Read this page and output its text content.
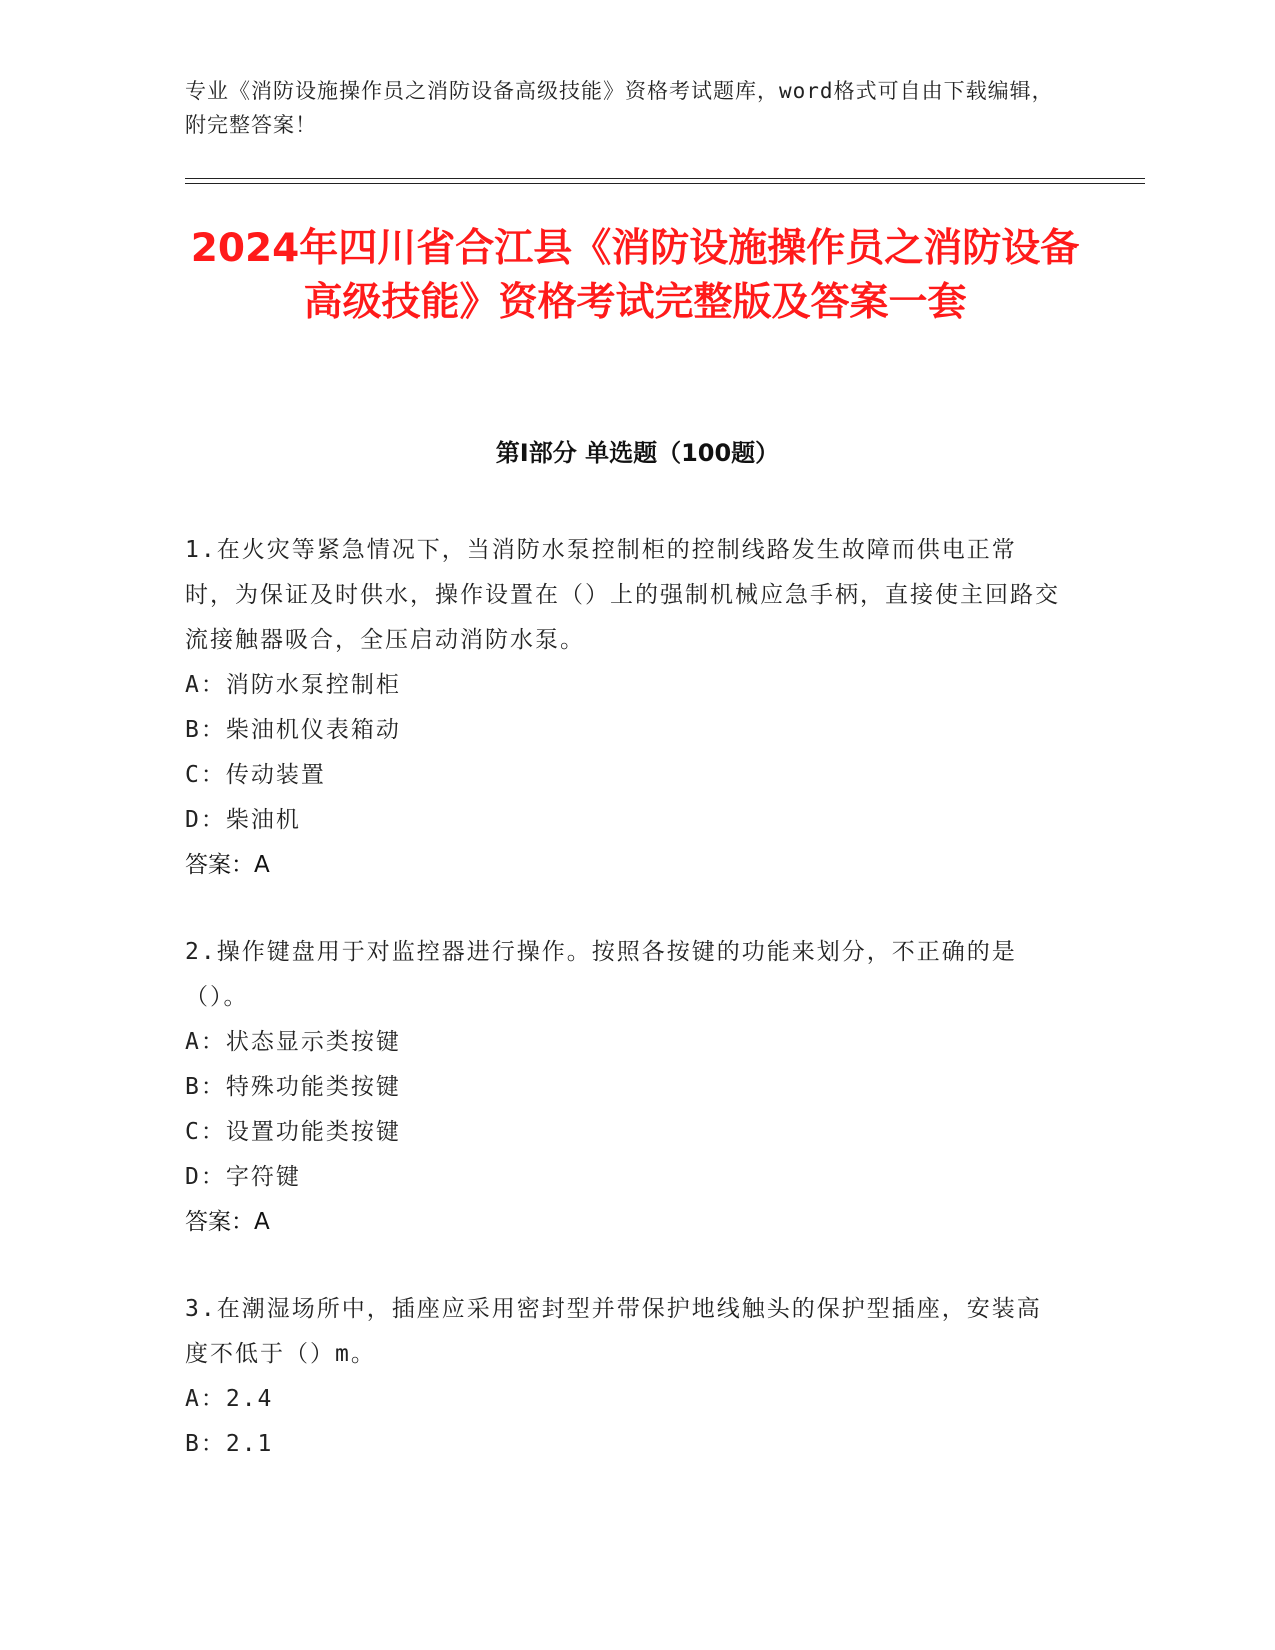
专业《消防设施操作员之消防设备高级技能》资格考试题库，word格式可自由下载编辑，附完整答案！
2024年四川省合江县《消防设施操作员之消防设备高级技能》资格考试完整版及答案一套
第I部分 单选题（100题）
1.在火灾等紧急情况下，当消防水泵控制柜的控制线路发生故障而供电正常时，为保证及时供水，操作设置在（）上的强制机械应急手柄，直接使主回路交流接触器吸合，全压启动消防水泵。
A：消防水泵控制柜
B：柴油机仪表箱动
C：传动装置
D：柴油机
答案：A
2.操作键盘用于对监控器进行操作。按照各按键的功能来划分，不正确的是（）。
A：状态显示类按键
B：特殊功能类按键
C：设置功能类按键
D：字符键
答案：A
3.在潮湿场所中，插座应采用密封型并带保护地线触头的保护型插座，安装高度不低于（）m。
A：2.4
B：2.1
